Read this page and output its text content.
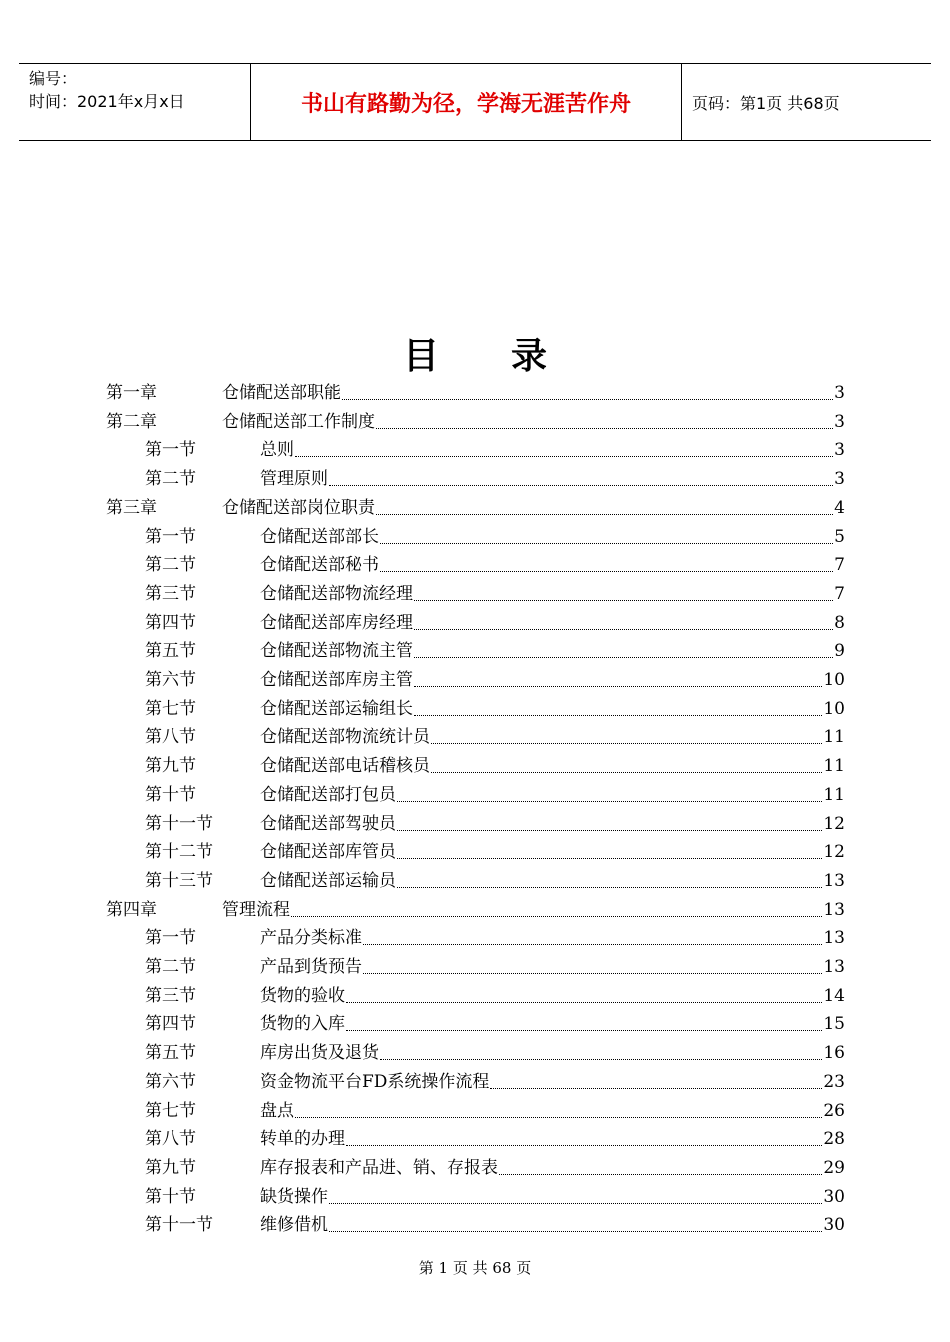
编号：
时间：2021年x月x日	书山有路勤为径，学海无涯苦作舟	页码：第1页 共68页
目 录
第一章	仓储配送部职能	3
第二章	仓储配送部工作制度	3
第一节	总则	3
第二节	管理原则	3
第三章	仓储配送部岗位职责	4
第一节	仓储配送部部长	5
第二节	仓储配送部秘书	7
第三节	仓储配送部物流经理	7
第四节	仓储配送部库房经理	8
第五节	仓储配送部物流主管	9
第六节	仓储配送部库房主管	10
第七节	仓储配送部运输组长	10
第八节	仓储配送部物流统计员	11
第九节	仓储配送部电话稽核员	11
第十节	仓储配送部打包员	11
第十一节	仓储配送部驾驶员	12
第十二节	仓储配送部库管员	12
第十三节	仓储配送部运输员	13
第四章	管理流程	13
第一节	产品分类标准	13
第二节	产品到货预告	13
第三节	货物的验收	14
第四节	货物的入库	15
第五节	库房出货及退货	16
第六节	资金物流平台FD系统操作流程	23
第七节	盘点	26
第八节	转单的办理	28
第九节	库存报表和产品进、销、存报表	29
第十节	缺货操作	30
第十一节	维修借机	30
第 1 页 共 68 页
